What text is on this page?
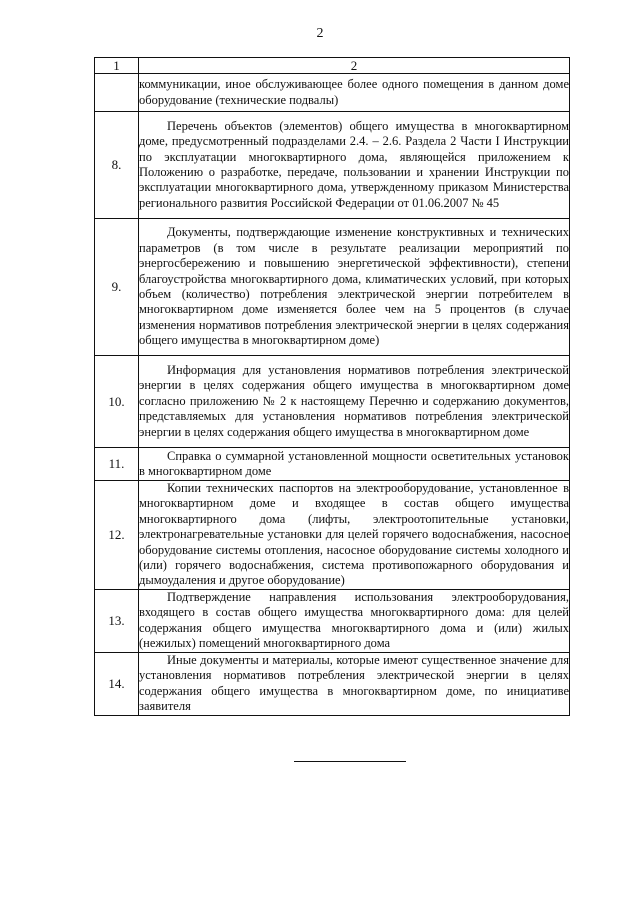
2
1	2
	коммуникации, иное обслуживающее более одного помещения в данном доме оборудование (технические подвалы)
8.	Перечень объектов (элементов) общего имущества в многоквартирном доме, предусмотренный подразделами 2.4. – 2.6. Раздела 2 Части I Инструкции по эксплуатации многоквартирного дома, являющейся приложением к Положению о разработке, передаче, пользовании и хранении Инструкции по эксплуатации многоквартирного дома, утвержденному приказом Министерства регионального развития Российской Федерации от 01.06.2007 № 45
9.	Документы, подтверждающие изменение конструктивных и технических параметров (в том числе в результате реализации мероприятий по энергосбережению и повышению энергетической эффективности), степени благоустройства многоквартирного дома, климатических условий, при которых объем (количество) потребления электрической энергии потребителем в многоквартирном доме изменяется более чем на 5 процентов (в случае изменения нормативов потребления электрической энергии в целях содержания общего имущества в многоквартирном доме)
10.	Информация для установления нормативов потребления электрической энергии в целях содержания общего имущества в многоквартирном доме согласно приложению № 2 к настоящему Перечню и содержанию документов, представляемых для установления нормативов потребления электрической энергии в целях содержания общего имущества в многоквартирном доме
11.	Справка о суммарной установленной мощности осветительных установок в многоквартирном доме
12.	Копии технических паспортов на электрооборудование, установленное в многоквартирном доме и входящее в состав общего имущества многоквартирного дома (лифты, электроотопительные установки, электронагревательные установки для целей горячего водоснабжения, насосное оборудование системы отопления, насосное оборудование системы холодного и (или) горячего водоснабжения, система противопожарного оборудования и дымоудаления и другое оборудование)
13.	Подтверждение направления использования электрооборудования, входящего в состав общего имущества многоквартирного дома: для целей содержания общего имущества многоквартирного дома и (или) жилых (нежилых) помещений многоквартирного дома
14.	Иные документы и материалы, которые имеют существенное значение для установления нормативов потребления электрической энергии в целях содержания общего имущества в многоквартирном доме, по инициативе заявителя
